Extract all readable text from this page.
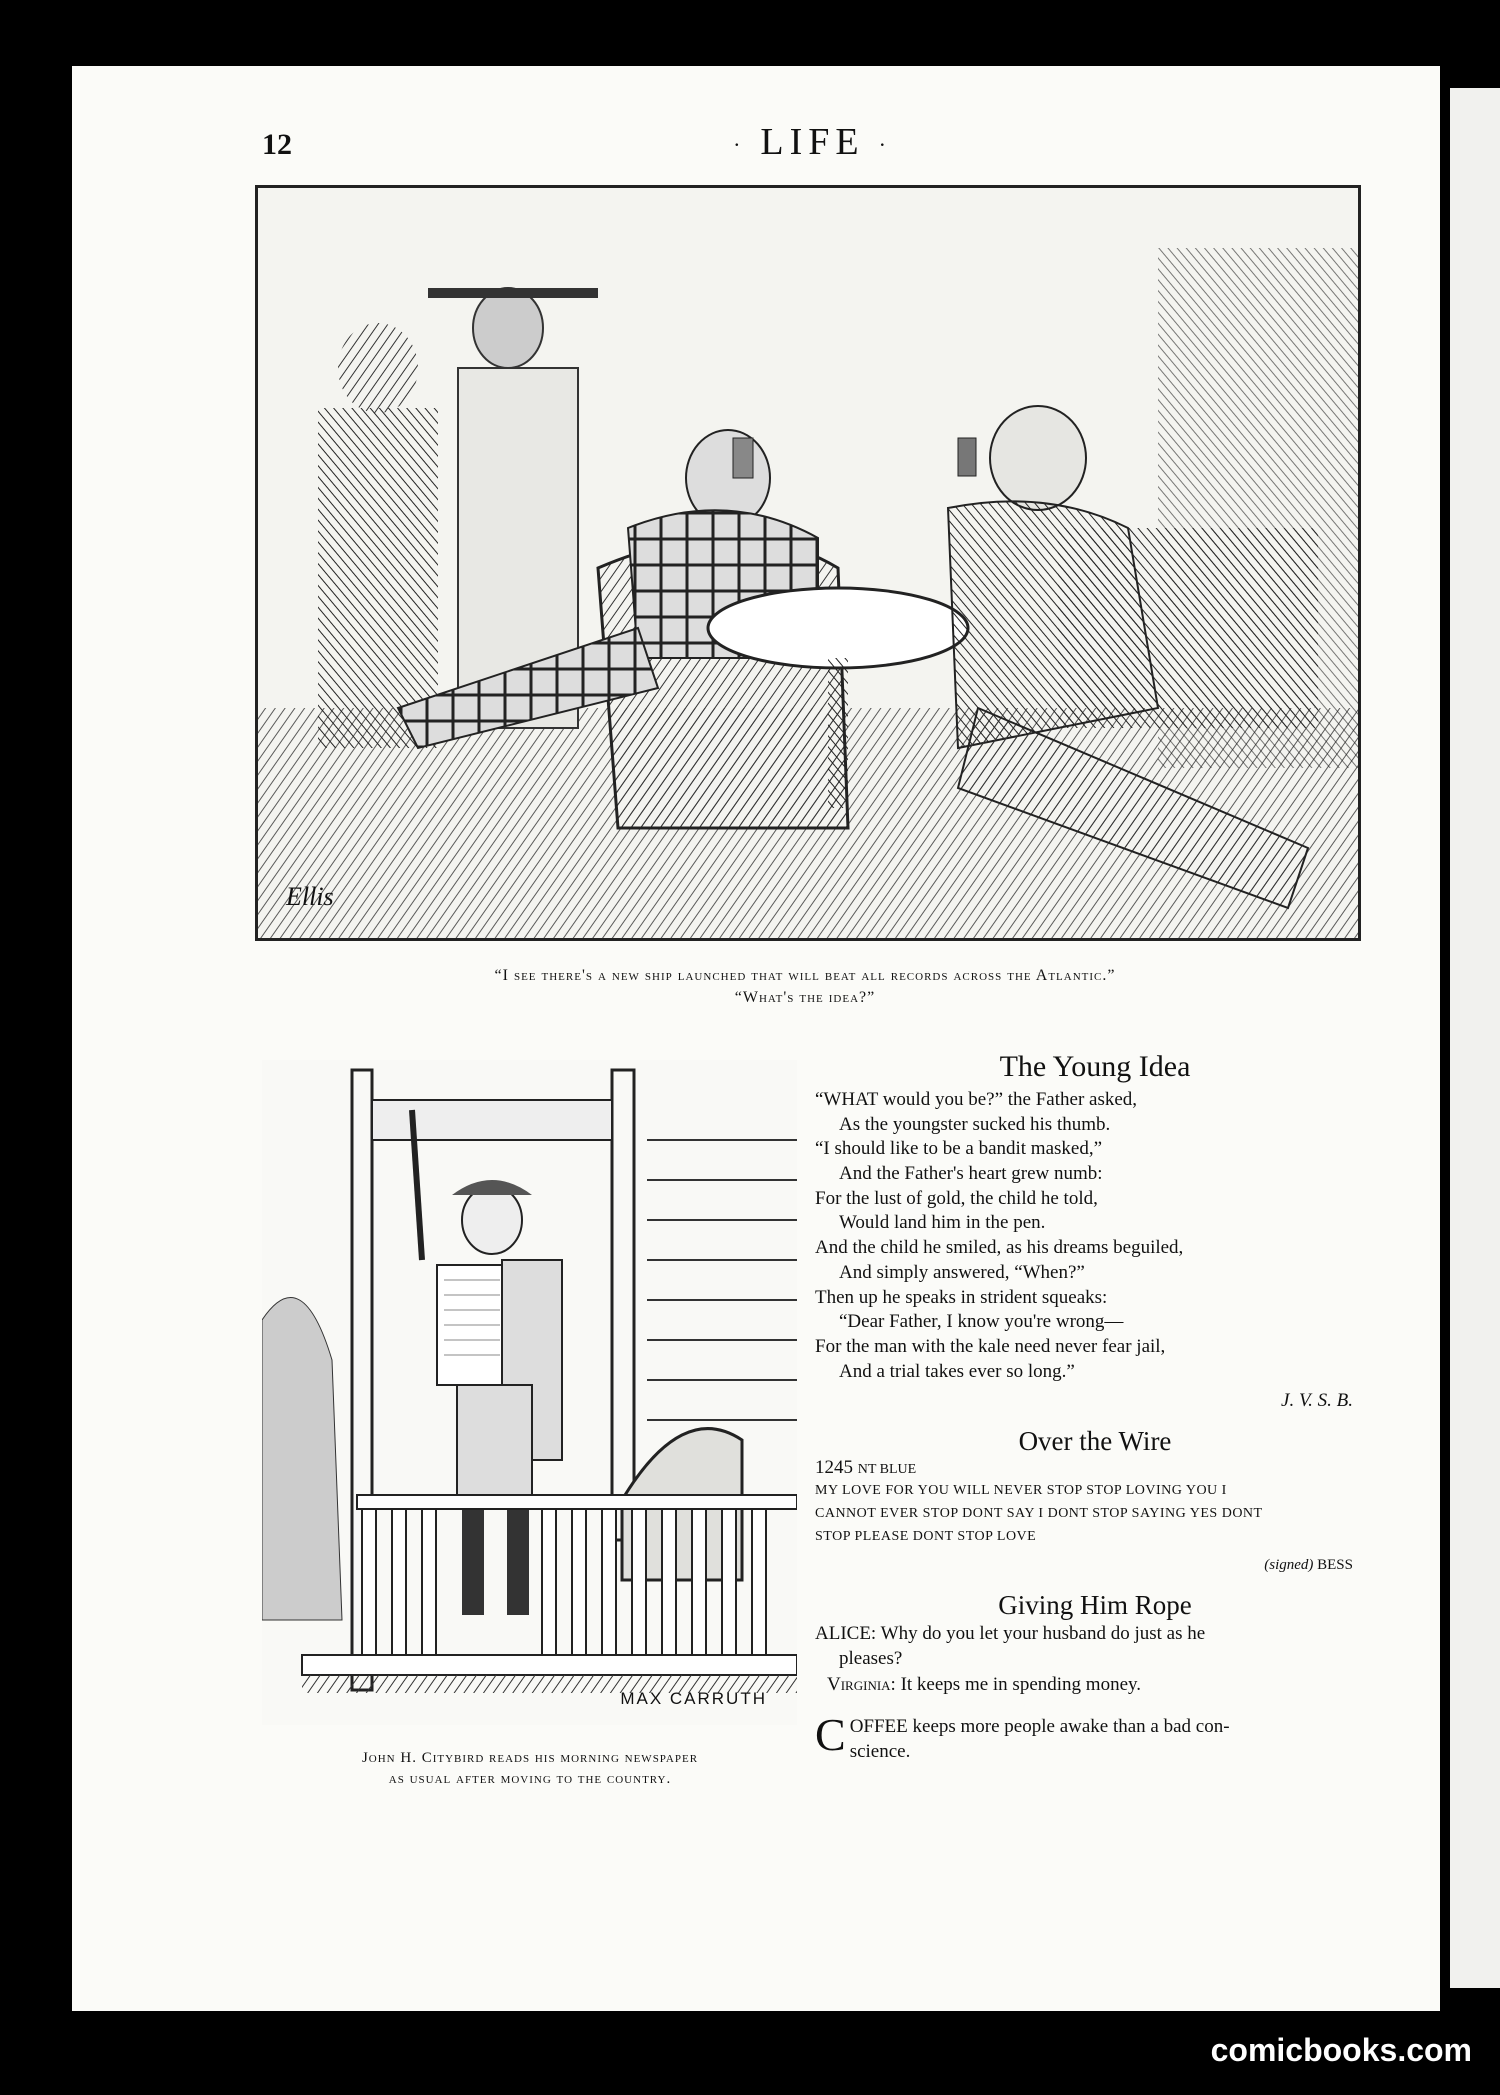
12	· LIFE ·
Ellis
“I see there's a new ship launched that will beat all records across the Atlantic.”
“What's the idea?”
MAX CARRUTH
John H. Citybird reads his morning newspaper
as usual after moving to the country.
The Young Idea
“WHAT would you be?” the Father asked,
As the youngster sucked his thumb.
“I should like to be a bandit masked,”
And the Father's heart grew numb:
For the lust of gold, the child he told,
Would land him in the pen.
And the child he smiled, as his dreams beguiled,
And simply answered, “When?”
Then up he speaks in strident squeaks:
“Dear Father, I know you're wrong—
For the man with the kale need never fear jail,
And a trial takes ever so long.”
J. V. S. B.
Over the Wire
1245 NT BLUE
MY LOVE FOR YOU WILL NEVER STOP STOP LOVING YOU I
CANNOT EVER STOP DONT SAY I DONT STOP SAYING YES DONT
STOP PLEASE DONT STOP LOVE
(signed) BESS
Giving Him Rope
ALICE: Why do you let your husband do just as he
pleases?
Virginia: It keeps me in spending money.
C OFFEE keeps more people awake than a bad con-
science.
comicbooks.com
